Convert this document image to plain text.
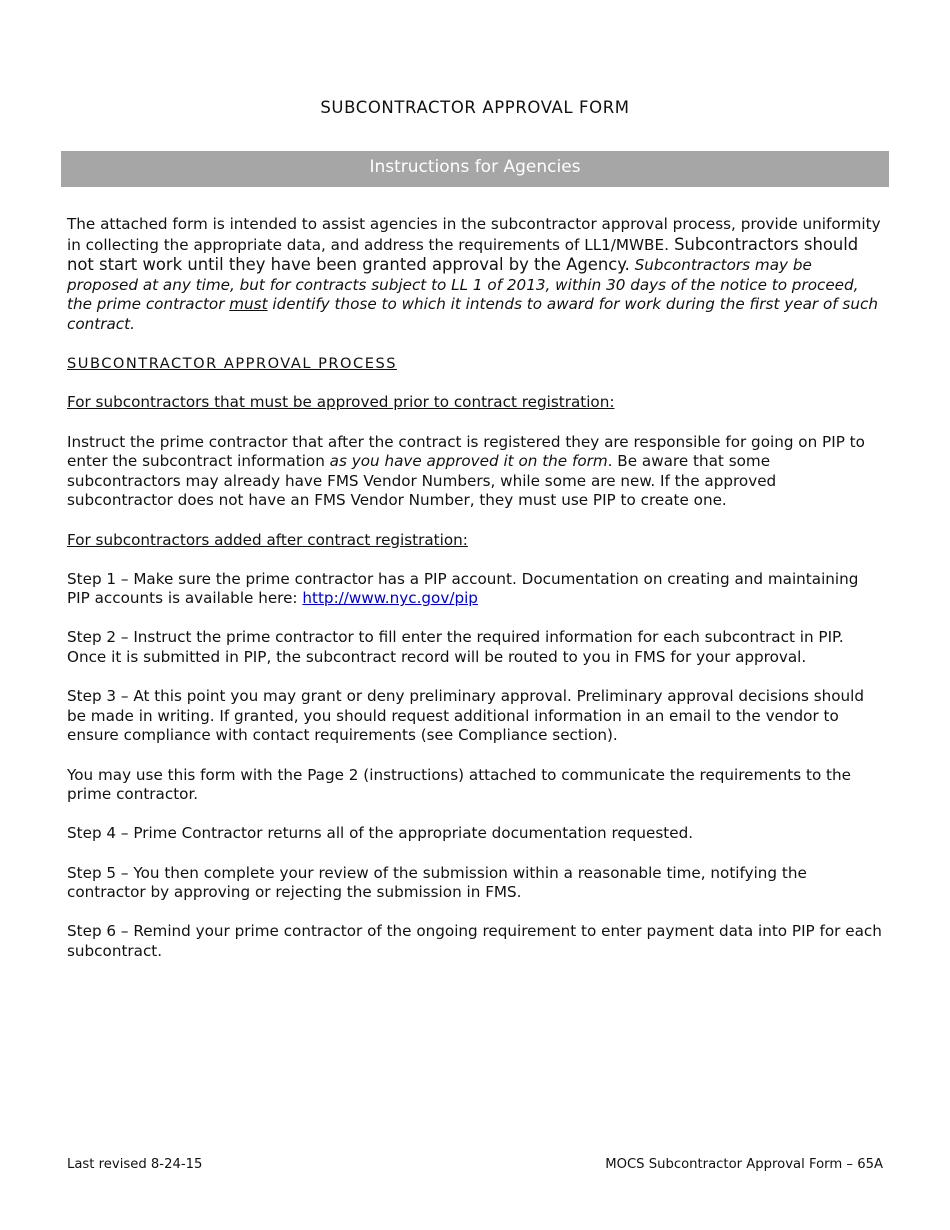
SUBCONTRACTOR APPROVAL FORM
Instructions for Agencies

The attached form is intended to assist agencies in the subcontractor approval process, provide uniformity in collecting the appropriate data, and address the requirements of LL1/MWBE. Subcontractors should not start work until they have been granted approval by the Agency. Subcontractors may be proposed at any time, but for contracts subject to LL 1 of 2013, within 30 days of the notice to proceed, the prime contractor must identify those to which it intends to award for work during the first year of such contract.

SUBCONTRACTOR APPROVAL PROCESS

For subcontractors that must be approved prior to contract registration:

Instruct the prime contractor that after the contract is registered they are responsible for going on PIP to enter the subcontract information as you have approved it on the form. Be aware that some subcontractors may already have FMS Vendor Numbers, while some are new. If the approved subcontractor does not have an FMS Vendor Number, they must use PIP to create one.

For subcontractors added after contract registration:

Step 1 – Make sure the prime contractor has a PIP account. Documentation on creating and maintaining PIP accounts is available here: http://www.nyc.gov/pip

Step 2 – Instruct the prime contractor to fill enter the required information for each subcontract in PIP. Once it is submitted in PIP, the subcontract record will be routed to you in FMS for your approval.

Step 3 – At this point you may grant or deny preliminary approval. Preliminary approval decisions should be made in writing. If granted, you should request additional information in an email to the vendor to ensure compliance with contact requirements (see Compliance section).

You may use this form with the Page 2 (instructions) attached to communicate the requirements to the prime contractor.

Step 4 – Prime Contractor returns all of the appropriate documentation requested.

Step 5 – You then complete your review of the submission within a reasonable time, notifying the contractor by approving or rejecting the submission in FMS.

Step 6 – Remind your prime contractor of the ongoing requirement to enter payment data into PIP for each subcontract.

Last revised 8-24-15	MOCS Subcontractor Approval Form – 65A
